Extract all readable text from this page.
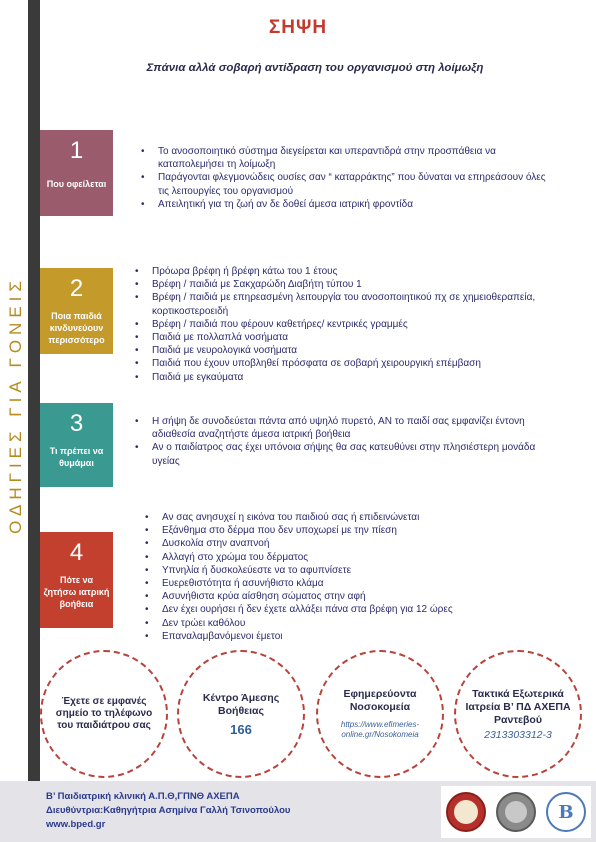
ΟΔΗΓΙΕΣ ΓΙΑ ΓΟΝΕΙΣ
ΣΗΨΗ
Σπάνια αλλά σοβαρή αντίδραση του οργανισμού στη λοίμωξη
1
Που οφείλεται
• Το ανοσοποιητικό σύστημα διεγείρεται και υπεραντιδρά στην προσπάθεια να καταπολεμήσει τη λοίμωξη
• Παράγονται φλεγμονώδεις ουσίες σαν “ καταρράκτης” που δύναται να επηρεάσουν όλες τις λειτουργίες του οργανισμού
• Απειλητική για τη ζωή αν δε δοθεί άμεσα ιατρική φροντίδα
2
Ποια παιδιά κινδυνεύουν περισσότερο
• Πρόωρα βρέφη ή βρέφη κάτω του 1 έτους
• Βρέφη / παιδιά με Σακχαρώδη Διαβήτη τύπου 1
• Βρέφη / παιδιά με επηρεασμένη λειτουργία του ανοσοποιητικού πχ σε χημειοθεραπεία, κορτικοστεροειδή
• Βρέφη / παιδιά που φέρουν καθετήρες/ κεντρικές γραμμές
• Παιδιά με πολλαπλά νοσήματα
• Παιδιά με νευρολογικά νοσήματα
• Παιδιά που έχουν υποβληθεί πρόσφατα σε σοβαρή χειρουργική επέμβαση
• Παιδιά με εγκαύματα
3
Τι πρέπει να θυμάμαι
• Η σήψη δε συνοδεύεται πάντα από υψηλό πυρετό, ΑΝ το παιδί σας εμφανίζει έντονη αδιαθεσία αναζητήστε άμεσα ιατρική βοήθεια
• Αν ο παιδίατρος σας έχει υπόνοια σήψης θα σας κατευθύνει στην πλησιέστερη μονάδα υγείας
4
Πότε να ζητήσω ιατρική βοήθεια
• Αν σας ανησυχεί η εικόνα του παιδιού σας ή επιδεινώνεται
• Εξάνθημα στο δέρμα που δεν υποχωρεί με την πίεση
• Δυσκολία στην αναπνοή
• Αλλαγή στο χρώμα του δέρματος
• Υπνηλία ή δυσκολεύεστε να το αφυπνίσετε
• Ευερεθιστότητα ή ασυνήθιστο κλάμα
• Ασυνήθιστα κρύα αίσθηση σώματος στην αφή
• Δεν έχει ουρήσει ή δεν έχετε αλλάξει πάνα στα βρέφη για 12 ώρες
• Δεν τρώει καθόλου
• Επαναλαμβανόμενοι έμετοι
Έχετε σε εμφανές σημείο το τηλέφωνο του παιδιάτρου σας
Κέντρο Άμεσης Βοήθειας
166
Εφημερεύοντα Νοσοκομεία
https://www.efimeries-online.gr/Nosokomeia
Τακτικά Εξωτερικά Ιατρεία Β’ ΠΔ ΑΧΕΠΑ Ραντεβού
2313303312-3
Β’ Παιδιατρική κλινική Α.Π.Θ,ΓΠΝΘ ΑΧΕΠΑ
Διευθύντρια:Καθηγήτρια Ασημίνα Γαλλή Τσινοπούλου
www.bped.gr
B
